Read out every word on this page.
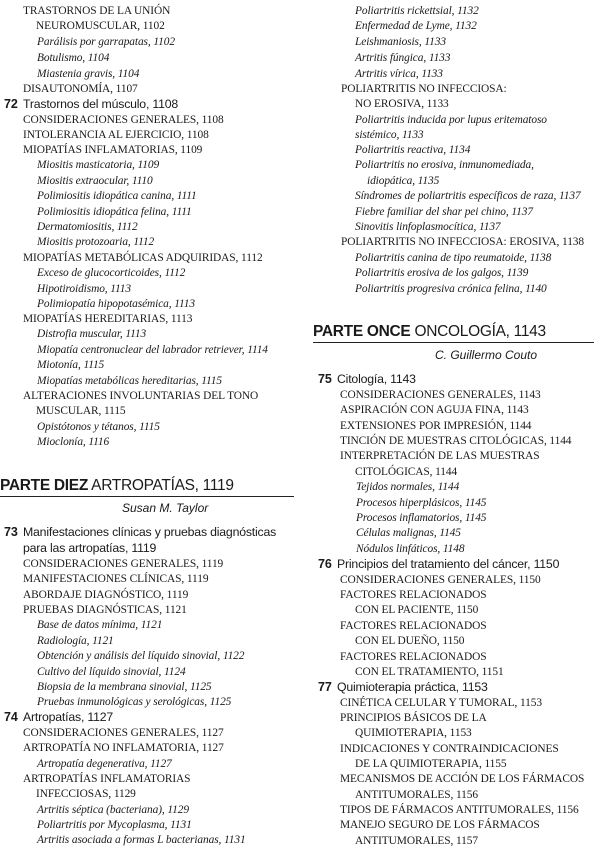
TRASTORNOS DE LA UNIÓN
NEUROMUSCULAR, 1102
Parálisis por garrapatas, 1102
Botulismo, 1104
Miastenia gravis, 1104
DISAUTONOMÍA, 1107
72 Trastornos del músculo, 1108
CONSIDERACIONES GENERALES, 1108
INTOLERANCIA AL EJERCICIO, 1108
MIOPATÍAS INFLAMATORIAS, 1109
Miositis masticatoria, 1109
Miositis extraocular, 1110
Polimiositis idiopática canina, 1111
Polimiositis idiopática felina, 1111
Dermatomiositis, 1112
Miositis protozoaria, 1112
MIOPATÍAS METABÓLICAS ADQUIRIDAS, 1112
Exceso de glucocorticoides, 1112
Hipotiroidismo, 1113
Polimiopatía hipopotasémica, 1113
MIOPATÍAS HEREDITARIAS, 1113
Distrofia muscular, 1113
Miopatía centronuclear del labrador retriever, 1114
Miotonía, 1115
Miopatías metabólicas hereditarias, 1115
ALTERACIONES INVOLUNTARIAS DEL TONO
MUSCULAR, 1115
Opistótonos y tétanos, 1115
Mioclonía, 1116
PARTE DIEZ ARTROPATÍAS, 1119
Susan M. Taylor
73 Manifestaciones clínicas y pruebas diagnósticas
para las artropatías, 1119
CONSIDERACIONES GENERALES, 1119
MANIFESTACIONES CLÍNICAS, 1119
ABORDAJE DIAGNÓSTICO, 1119
PRUEBAS DIAGNÓSTICAS, 1121
Base de datos mínima, 1121
Radiología, 1121
Obtención y análisis del líquido sinovial, 1122
Cultivo del líquido sinovial, 1124
Biopsia de la membrana sinovial, 1125
Pruebas inmunológicas y serológicas, 1125
74 Artropatías, 1127
CONSIDERACIONES GENERALES, 1127
ARTROPATÍA NO INFLAMATORIA, 1127
Artropatía degenerativa, 1127
ARTROPATÍAS INFLAMATORIAS
INFECCIOSAS, 1129
Artritis séptica (bacteriana), 1129
Poliartritis por Mycoplasma, 1131
Artritis asociada a formas L bacterianas, 1131
Poliartritis rickettsial, 1132
Enfermedad de Lyme, 1132
Leishmaniosis, 1133
Artritis fúngica, 1133
Artritis vírica, 1133
POLIARTRITIS NO INFECCIOSA:
NO EROSIVA, 1133
Poliartritis inducida por lupus eritematoso
sistémico, 1133
Poliartritis reactiva, 1134
Poliartritis no erosiva, inmunomediada,
idiopática, 1135
Síndromes de poliartritis específicos de raza, 1137
Fiebre familiar del shar pei chino, 1137
Sinovitis linfoplasmocítica, 1137
POLIARTRITIS NO INFECCIOSA: EROSIVA, 1138
Poliartritis canina de tipo reumatoide, 1138
Poliartritis erosiva de los galgos, 1139
Poliartritis progresiva crónica felina, 1140
PARTE ONCE ONCOLOGÍA, 1143
C. Guillermo Couto
75 Citología, 1143
CONSIDERACIONES GENERALES, 1143
ASPIRACIÓN CON AGUJA FINA, 1143
EXTENSIONES POR IMPRESIÓN, 1144
TINCIÓN DE MUESTRAS CITOLÓGICAS, 1144
INTERPRETACIÓN DE LAS MUESTRAS
CITOLÓGICAS, 1144
Tejidos normales, 1144
Procesos hiperplásicos, 1145
Procesos inflamatorios, 1145
Células malignas, 1145
Nódulos linfáticos, 1148
76 Principios del tratamiento del cáncer, 1150
CONSIDERACIONES GENERALES, 1150
FACTORES RELACIONADOS
CON EL PACIENTE, 1150
FACTORES RELACIONADOS
CON EL DUEÑO, 1150
FACTORES RELACIONADOS
CON EL TRATAMIENTO, 1151
77 Quimioterapia práctica, 1153
CINÉTICA CELULAR Y TUMORAL, 1153
PRINCIPIOS BÁSICOS DE LA
QUIMIOTERAPIA, 1153
INDICACIONES Y CONTRAINDICACIONES
DE LA QUIMIOTERAPIA, 1155
MECANISMOS DE ACCIÓN DE LOS FÁRMACOS
ANTITUMORALES, 1156
TIPOS DE FÁRMACOS ANTITUMORALES, 1156
MANEJO SEGURO DE LOS FÁRMACOS
ANTITUMORALES, 1157
